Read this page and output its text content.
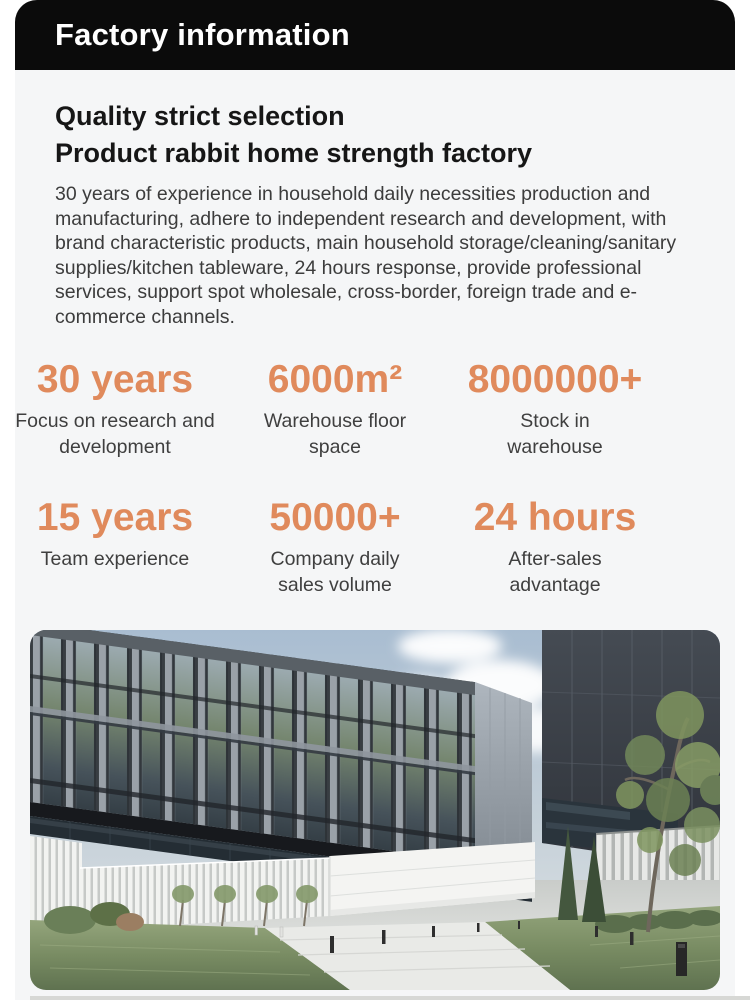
Factory information
Quality strict selection
Product rabbit home strength factory
30 years of experience in household daily necessities production and manufacturing, adhere to independent research and development, with brand characteristic products, main household storage/cleaning/sanitary supplies/kitchen tableware, 24 hours response, provide professional services, support spot wholesale, cross-border, foreign trade and e-commerce channels.
30 years
Focus on research and development
6000m²
Warehouse floor space
8000000+
Stock in warehouse
15 years
Team experience
50000+
Company daily sales volume
24 hours
After-sales advantage
